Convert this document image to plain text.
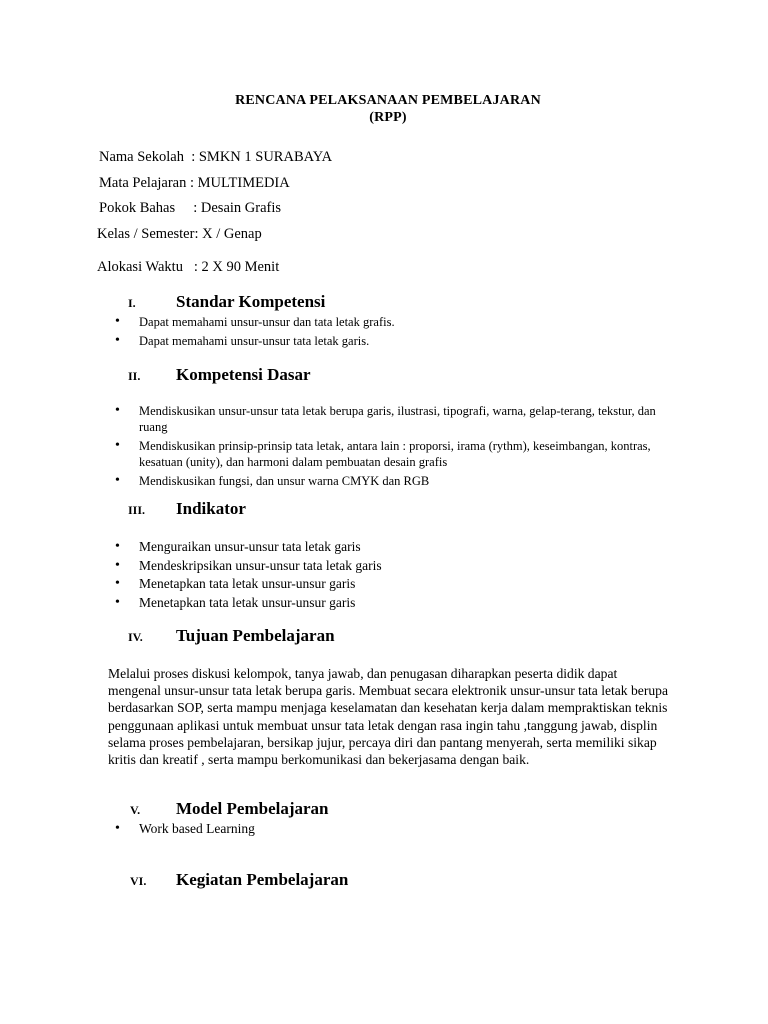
RENCANA PELAKSANAAN PEMBELAJARAN
(RPP)
Nama Sekolah  : SMKN 1 SURABAYA
Mata Pelajaran : MULTIMEDIA
Pokok Bahas     : Desain Grafis
Kelas / Semester: X / Genap
Alokasi Waktu   : 2 X 90 Menit
I. Standar Kompetensi
• Dapat memahami unsur-unsur dan tata letak grafis.
• Dapat memahami unsur-unsur tata letak garis.
II. Kompetensi Dasar
• Mendiskusikan unsur-unsur tata letak berupa garis, ilustrasi, tipografi, warna, gelap-terang, tekstur, dan ruang
• Mendiskusikan prinsip-prinsip tata letak, antara lain : proporsi, irama (rythm), keseimbangan, kontras, kesatuan (unity), dan harmoni dalam pembuatan desain grafis
• Mendiskusikan fungsi, dan unsur warna CMYK dan RGB
III. Indikator
• Menguraikan unsur-unsur tata letak garis
• Mendeskripsikan unsur-unsur tata letak garis
• Menetapkan tata letak unsur-unsur garis
• Menetapkan tata letak unsur-unsur garis
IV. Tujuan Pembelajaran
Melalui proses diskusi kelompok, tanya jawab, dan penugasan diharapkan peserta didik dapat mengenal unsur-unsur tata letak berupa garis. Membuat secara elektronik unsur-unsur tata letak berupa berdasarkan SOP, serta mampu menjaga keselamatan dan kesehatan kerja dalam mempraktiskan teknis penggunaan aplikasi untuk membuat unsur tata letak dengan rasa ingin tahu ,tanggung jawab, displin selama proses pembelajaran, bersikap jujur, percaya diri dan pantang menyerah, serta memiliki sikap kritis dan kreatif , serta mampu berkomunikasi dan bekerjasama dengan baik.
V. Model Pembelajaran
• Work based Learning
VI. Kegiatan Pembelajaran
